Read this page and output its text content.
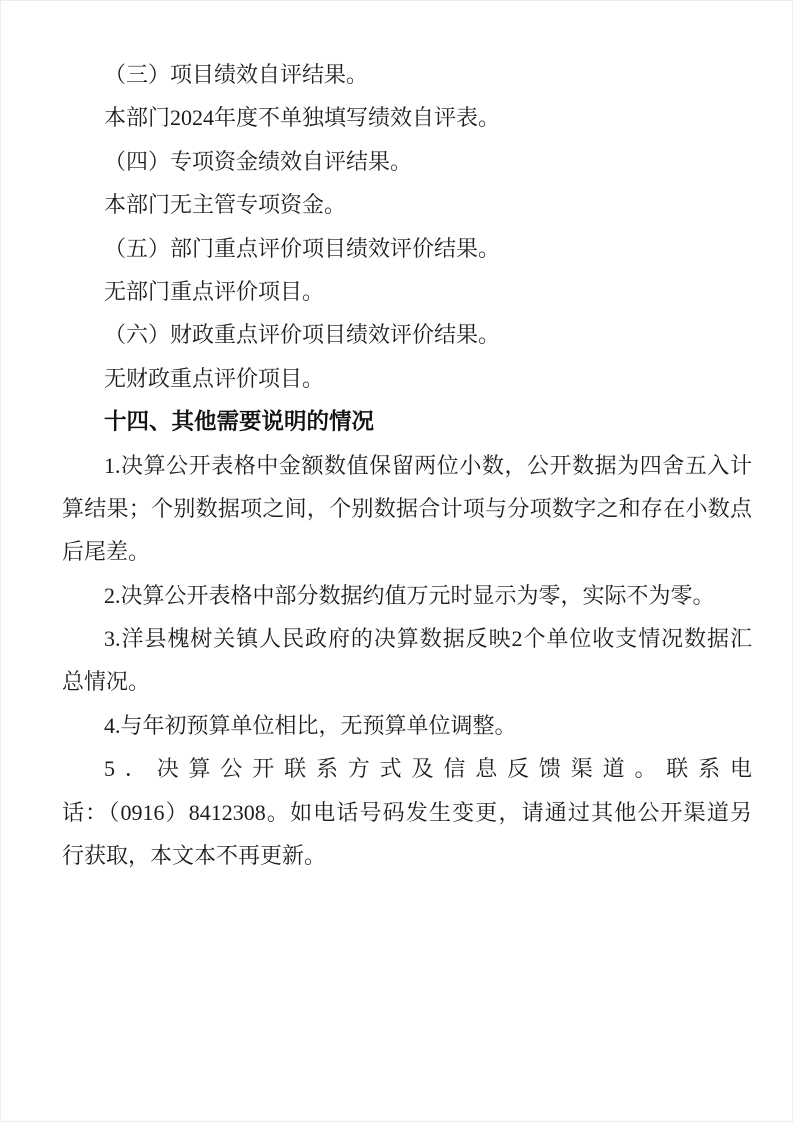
（三）项目绩效自评结果。
本部门2024年度不单独填写绩效自评表。
（四）专项资金绩效自评结果。
本部门无主管专项资金。
（五）部门重点评价项目绩效评价结果。
无部门重点评价项目。
（六）财政重点评价项目绩效评价结果。
无财政重点评价项目。
十四、其他需要说明的情况
1.决算公开表格中金额数值保留两位小数，公开数据为四舍五入计
算结果；个别数据项之间，个别数据合计项与分项数字之和存在小数点
后尾差。
2.决算公开表格中部分数据约值万元时显示为零，实际不为零。
3.洋县槐树关镇人民政府的决算数据反映2个单位收支情况数据汇
总情况。
4.与年初预算单位相比，无预算单位调整。
5．决算公开联系方式及信息反馈渠道。联系电
话：（0916）8412308。如电话号码发生变更，请通过其他公开渠道另
行获取，本文本不再更新。
